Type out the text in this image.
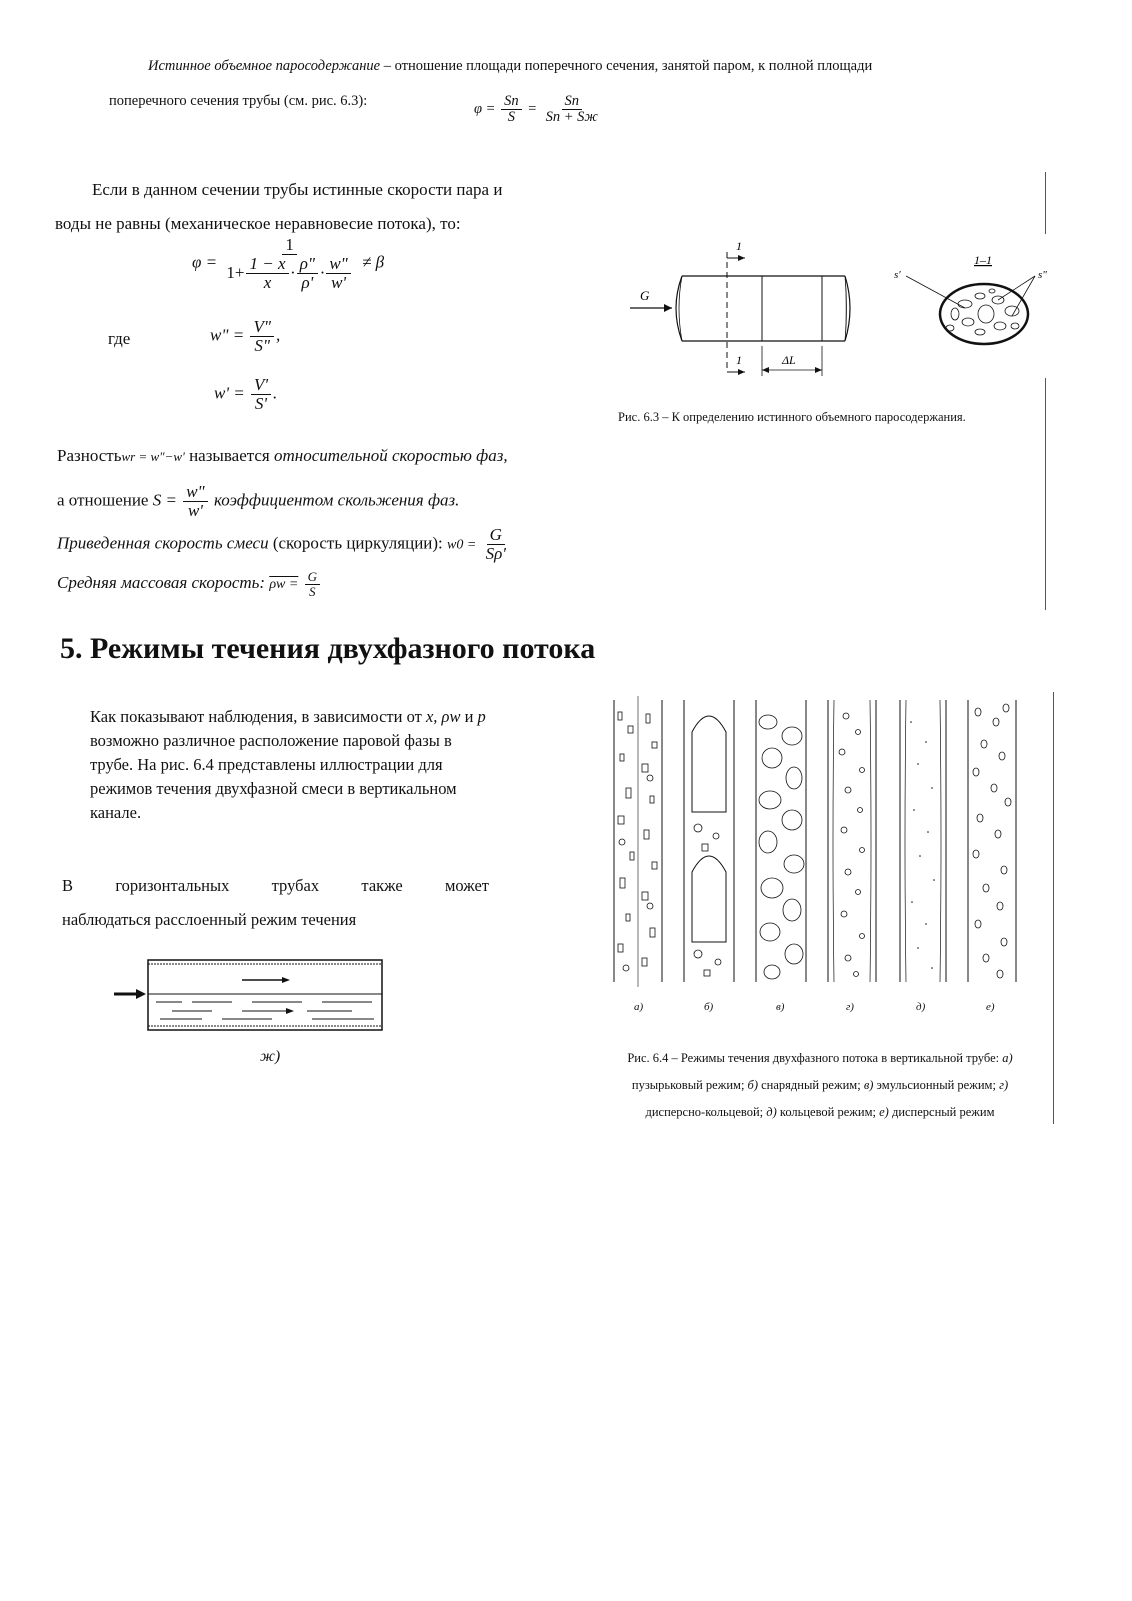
Истинное объемное паросодержание – отношение площади поперечного сечения, занятой паром, к полной площади
поперечного сечения трубы (см. рис. 6.3):
$\varphi = \frac{Sп}{S} = \frac{Sп}{Sп + Sж}$
Если в данном сечении трубы истинные скорости пара и
воды не равны (механическое неравновесие потока), то:
$\varphi = \frac{1}{1+ \frac{1 - x}{x} \cdot \frac{\rho"}{\rho'} \cdot \frac{w"}{w'}} \ne \beta$
где	w" = $\frac{V"}{S"}$ ,
$w' = \frac{V'}{S'}$ .
Разностьwr = w"−w' называется относительной скоростью фаз,
а отношение $S = \frac{w"}{w'}$ коэффициентом скольжения фаз.
Приведенная скорость смеси (скорость циркуляции): $w0 = \frac{G}{S\rho'}$
Средняя массовая скорость: $\rho w = \frac{G}{S}$
G
1
1	ΔL
1–1
s'	s"
Рис. 6.3 – К определению истинного объемного паросодержания.
5. Режимы течения двухфазного потока
Как показывают наблюдения, в зависимости от x, ρw и p
возможно различное расположение паровой фазы в
трубе. На рис. 6.4 представлены иллюстрации для
режимов течения двухфазной смеси в вертикальном
канале.
В	горизонтальных	трубах	также	может
наблюдаться расслоенный режим течения
ж)
а)	б)	в)	г)	д)	е)
Рис. 6.4 – Режимы течения двухфазного потока в вертикальной трубе: а)
пузырьковый режим; б) снарядный режим; в) эмульсионный режим; г)
дисперсно-кольцевой; д) кольцевой режим; е) дисперсный режим
